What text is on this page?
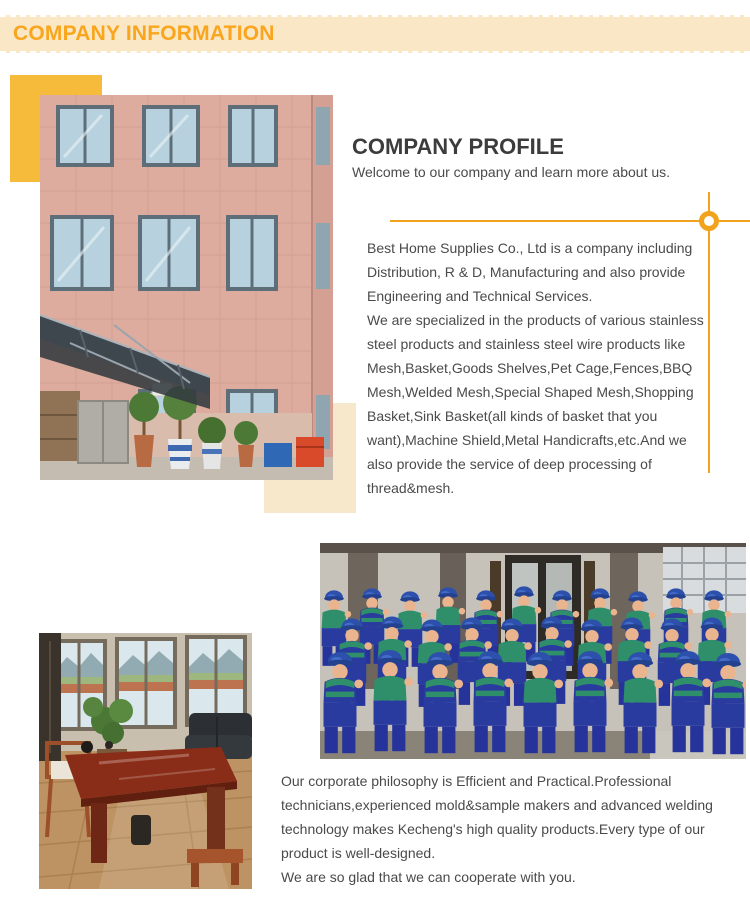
COMPANY INFORMATION
COMPANY PROFILE
Welcome to our company and learn more about us.

Best Home Supplies Co., Ltd is a company including Distribution, R & D, Manufacturing and also provide Engineering and Technical Services.

We are specialized in the products of various stainless steel products and stainless steel wire products like Mesh,Basket,Goods Shelves,Pet Cage,Fences,BBQ Mesh,Welded Mesh,Special Shaped Mesh,Shopping Basket,Sink Basket(all kinds of basket that you want),Machine Shield,Metal Handicrafts,etc.And we also provide the service of deep processing of thread&mesh.

Our corporate philosophy is Efficient and Practical.Professional technicians,experienced mold&sample makers and advanced welding technology makes Kecheng's high quality products.Every type of our product is well-designed.

We are so glad that we can cooperate with you.
